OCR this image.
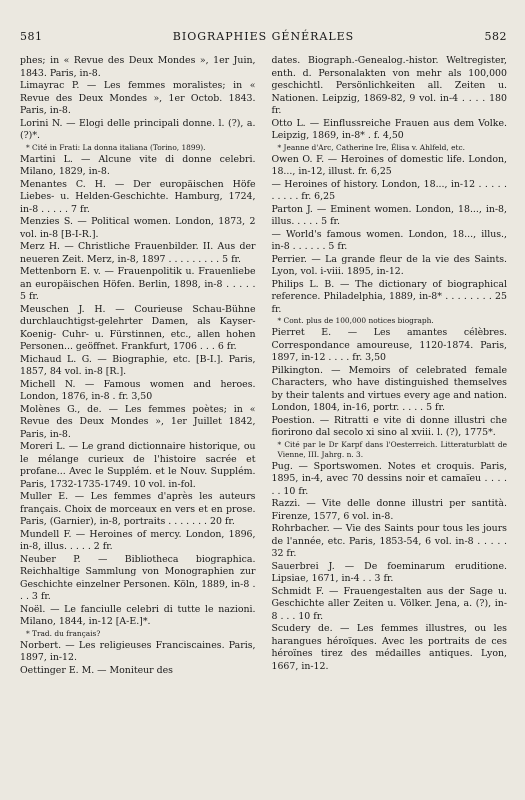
581	BIOGRAPHIES GÉNÉRALES	582

phes; in « Revue des Deux Mondes », 1er Juin, 1843. Paris, in-8.

Limayrac P. — Les femmes moralistes; in « Revue des Deux Mondes », 1er Octob. 1843. Paris, in-8.

Lorini N. — Elogi delle principali donne. l. (?), a. (?)*.

* Cité in Frati: La donna italiana (Torino, 1899).

Martini L. — Alcune vite di donne celebri. Milano, 1829, in-8.

Menantes C. H. — Der europäischen Höfe Liebes- u. Helden-Geschichte. Hamburg, 1724, in-8 . . . . . 7 fr.

Menzies S. — Political women. London, 1873, 2 vol. in-8 [B-I-R.].

Merz H. — Christliche Frauenbilder. II. Aus der neueren Zeit. Merz, in-8, 1897 . . . . . . . . . 5 fr.

Mettenborn E. v. — Frauenpolitik u. Frauenliebe an europäischen Höfen. Berlin, 1898, in-8 . . . . . 5 fr.

Meuschen J. H. — Courieuse Schau-Bühne durchlauchtigst-gelehrter Damen, als Kayser- Koenig- Cuhr- u. Fürstinnen, etc., allen hohen Personen... geöffnet. Frankfurt, 1706 . . . 6 fr.

Michaud L. G. — Biographie, etc. [B-I.]. Paris, 1857, 84 vol. in-8 [R.].

Michell N. — Famous women and heroes. London, 1876, in-8 . fr. 3,50

Molènes G., de. — Les femmes poètes; in « Revue des Deux Mondes », 1er Juillet 1842, Paris, in-8.

Moreri L. — Le grand dictionnaire historique, ou le mélange curieux de l'histoire sacrée et profane... Avec le Supplém. et le Nouv. Supplém. Paris, 1732-1735-1749. 10 vol. in-fol.

Muller E. — Les femmes d'après les auteurs français. Choix de morceaux en vers et en prose. Paris, (Garnier), in-8, portraits . . . . . . . 20 fr.

Mundell F. — Heroines of mercy. London, 1896, in-8, illus. . . . . 2 fr.

Neuber P. — Bibliotheca biographica. Reichhaltige Sammlung von Monographien zur Geschichte einzelner Personen. Köln, 1889, in-8 . . . 3 fr.

Noël. — Le fanciulle celebri di tutte le nazioni. Milano, 1844, in-12 [A-E.]*.

* Trad. du français?

Norbert. — Les religieuses Franciscaines. Paris, 1897, in-12.

Oettinger E. M. — Moniteur des

dates. Biograph.-Genealog.-histor. Weltregister, enth. d. Personalakten von mehr als 100,000 geschichtl. Persönlichkeiten all. Zeiten u. Nationen. Leipzig, 1869-82, 9 vol. in-4 . . . . 180 fr.

Otto L. — Einflussreiche Frauen aus dem Volke. Leipzig, 1869, in-8* . f. 4,50

* Jeanne d'Arc, Catherine Ire, Élisa v. Ahlfeld, etc.

Owen O. F. — Heroines of domestic life. London, 18..., in-12, illust. fr. 6,25

— Heroines of history. London, 18..., in-12 . . . . . . . . . . fr. 6,25

Parton J. — Eminent women. London, 18..., in-8, illus. . . . . 5 fr.

— World's famous women. London, 18..., illus., in-8 . . . . . . 5 fr.

Perrier. — La grande fleur de la vie des Saints. Lyon, vol. i-viii. 1895, in-12.

Philips L. B. — The dictionary of biographical reference. Philadelphia, 1889, in-8* . . . . . . . . 25 fr.

* Cont. plus de 100,000 notices biograph.

Pierret E. — Les amantes célèbres. Correspondance amoureuse, 1120-1874. Paris, 1897, in-12 . . . . fr. 3,50

Pilkington. — Memoirs of celebrated female Characters, who have distinguished themselves by their talents and virtues every age and nation. London, 1804, in-16, portr. . . . . 5 fr.

Poestion. — Ritratti e vite di donne illustri che fiorirono dal secolo xi sino al xviii. l. (?), 1775*.

* Cité par le Dr Karpf dans l'Oesterreich. Litteraturblatt de Vienne, III. Jahrg. n. 3.

Pug. — Sportswomen. Notes et croquis. Paris, 1895, in-4, avec 70 dessins noir et camaïeu . . . . . . 10 fr.

Razzi. — Vite delle donne illustri per santità. Firenze, 1577, 6 vol. in-8.

Rohrbacher. — Vie des Saints pour tous les jours de l'année, etc. Paris, 1853-54, 6 vol. in-8 . . . . . 32 fr.

Sauerbrei J. — De foeminarum eruditione. Lipsiae, 1671, in-4 . . 3 fr.

Schmidt F. — Frauengestalten aus der Sage u. Geschichte aller Zeiten u. Völker. Jena, a. (?), in-8 . . . 10 fr.

Scudery de. — Les femmes illustres, ou les harangues héroïques. Avec les portraits de ces héroïnes tirez des médailles antiques. Lyon, 1667, in-12.
